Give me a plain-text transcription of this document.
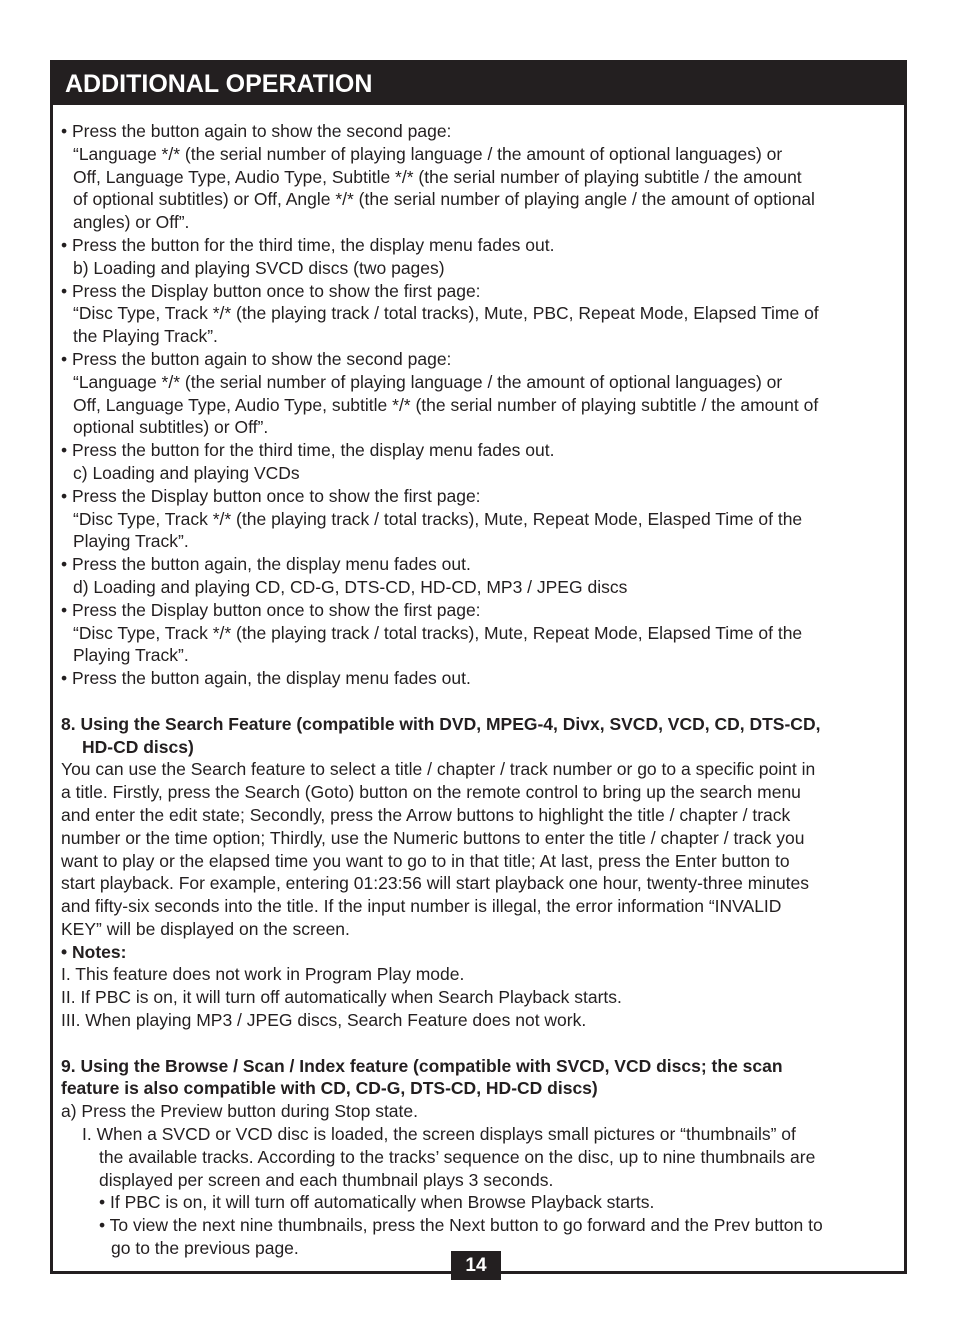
ADDITIONAL OPERATION

• Press the button again to show the second page:

“Language */* (the serial number of playing language / the amount of optional languages) or

Off, Language Type, Audio Type, Subtitle */* (the serial number of playing subtitle / the amount

of optional subtitles) or Off, Angle */* (the serial number of playing angle / the amount of optional

angles) or Off”.

• Press the button for the third time, the display menu fades out.

b) Loading and playing SVCD discs (two pages)

• Press the Display button once to show the first page:

“Disc Type, Track */* (the playing track / total tracks), Mute, PBC, Repeat Mode, Elapsed Time of

the Playing Track”.

• Press the button again to show the second page:

“Language */* (the serial number of playing language / the amount of optional languages) or

Off, Language Type, Audio Type, subtitle */* (the serial number of playing subtitle / the amount of

optional subtitles) or Off”.

• Press the button for the third time, the display menu fades out.

c) Loading and playing VCDs

• Press the Display button once to show the first page:

“Disc Type, Track */* (the playing track / total tracks), Mute, Repeat Mode, Elasped Time of the

Playing Track”.

• Press the button again, the display menu fades out.

d) Loading and playing CD, CD-G, DTS-CD, HD-CD, MP3 / JPEG discs

• Press the Display button once to show the first page:

“Disc Type, Track */* (the playing track / total tracks), Mute, Repeat Mode, Elapsed Time of the

Playing Track”.

• Press the button again, the display menu fades out.

8. Using the Search Feature (compatible with DVD, MPEG-4, Divx, SVCD, VCD, CD, DTS-CD,

HD-CD discs)

You can use the Search feature to select a title / chapter / track number or go to a specific point in

a title. Firstly, press the Search (Goto) button on the remote control to bring up the search menu

and enter the edit state; Secondly, press the Arrow buttons to highlight the title / chapter / track

number or the time option; Thirdly, use the Numeric buttons to enter the title / chapter / track you

want to play or the elapsed time you want to go to in that title; At last, press the Enter button to

start playback. For example, entering 01:23:56 will start playback one hour, twenty-three minutes

and fifty-six seconds into the title. If the input number is illegal, the error information “INVALID

KEY” will be displayed on the screen.

• Notes:

I. This feature does not work in Program Play mode.

II. If PBC is on, it will turn off automatically when Search Playback starts.

III. When playing MP3 / JPEG discs, Search Feature does not work.

9. Using the Browse / Scan / Index feature (compatible with SVCD, VCD discs; the scan

feature is also compatible with CD, CD-G, DTS-CD, HD-CD discs)

a) Press the Preview button during Stop state.

I. When a SVCD or VCD disc is loaded, the screen displays small pictures or “thumbnails” of

the available tracks. According to the tracks’ sequence on the disc, up to nine thumbnails are

displayed per screen and each thumbnail plays 3 seconds.

• If PBC is on, it will turn off automatically when Browse Playback starts.

• To view the next nine thumbnails, press the Next button to go forward and the Prev button to

go to the previous page.

14
